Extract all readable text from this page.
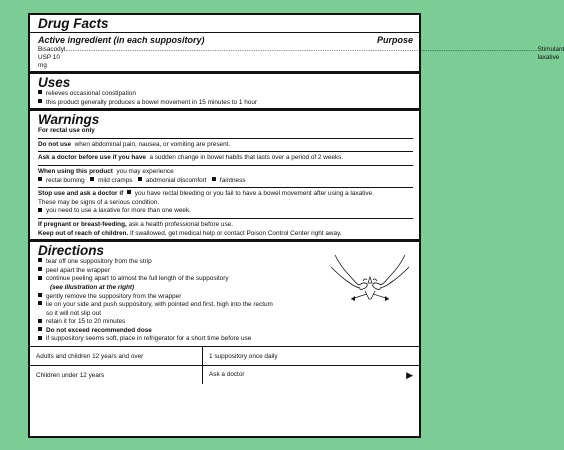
Drug Facts
Active ingredient (in each suppository)	Purpose
Bisacodyl USP 10 mg
.......................................................................................................................................................................................................................................................................... Stimulant laxative
Uses
relieves occasional constipation
this product generally produces a bowel movement in 15 minutes to 1 hour
Warnings
For rectal use only
Do not use when abdominal pain, nausea, or vomiting are present.
Ask a doctor before use if you have a sudden change in bowel habits that lasts over a period of 2 weeks.
When using this product you may experience
rectal burning mild cramps abdmonial discomfort faintness
Stop use and ask a doctor if you have rectal bleeding or you fail to have a bowel movement after using a laxative.
These may be signs of a serious condition.
you need to use a laxative for more than one week.
If pregnant or breast-feeding, ask a health professional before use.
Keep out of reach of children. If swallowed, get medical help or contact Poison Control Center right away.
Directions
tear off one suppository from the strip
peel apart the wrapper
continue peeling apart to almost the full length of the suppository
(see illustration at the right)
gently remove the suppository from the wrapper
lie on your side and push suppository, with pointed end first, high into the rectum
so it will not slip out
retain it for 15 to 20 minutes
Do not exceed recommended dose
if suppository seems soft, place in refrigerator for a short time before use
Adults and children 12 years and over	1 suppository once daily
Children under 12 years	Ask a doctor ▶
